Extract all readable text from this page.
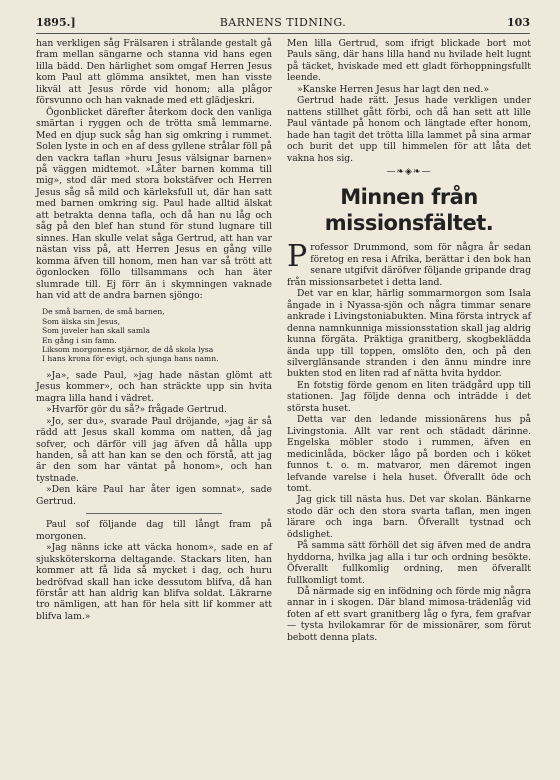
1895.]	BARNENS TIDNING.	103

han verkligen såg Frälsaren i strålande gestalt gå fram mellan sängarne och stanna vid hans egen lilla bädd. Den härlighet som omgaf Herren Jesus kom Paul att glömma ansiktet, men han visste likväl att Jesus rörde vid honom; alla plågor försvunno och han vaknade med ett glädjeskri.

Ögonblicket därefter återkom dock den vanliga smärtan i ryggen och de trötta små lemmarne. Med en djup suck såg han sig omkring i rummet. Solen lyste in och en af dess gyllene strålar föll på den vackra taflan »huru Jesus välsignar barnen» på väggen midtemot. »Låter barnen komma till mig», stod där med stora bokstäfver och Herren Jesus såg så mild och kärleksfull ut, där han satt med barnen omkring sig. Paul hade alltid älskat att betrakta denna tafla, och då han nu låg och såg på den blef han stund för stund lugnare till sinnes. Han skulle velat såga Gertrud, att han var nästan viss på, att Herren Jesus en gång ville komma äfven till honom, men han var så trött att ögonlocken föllo tillsammans och han äter slumrade till. Ej förr än i skymningen vaknade han vid att de andra barnen sjöngo:

De små barnen, de små barnen,
Som älska sin Jesus,
Som juveler han skall samla
En gång i sin famn.
Liksom morgonens stjärnor, de då skola lysa
I hans krona för evigt, och sjunga hans namn.

»Ja», sade Paul, »jag hade nästan glömt att Jesus kommer», och han sträckte upp sin hvita magra lilla hand i vädret.

»Hvarför gör du så?» frågade Gertrud.

»Jo, ser du», svarade Paul dröjande, »jag är så rädd att Jesus skall komma om natten, då jag sofver, och därför vill jag äfven då hålla upp handen, så att han kan se den och förstå, att jag är den som har väntat på honom», och han tystnade.

»Den käre Paul har åter igen somnat», sade Gertrud.

Paul sof följande dag till långt fram på morgonen.

»Jag nänns icke att väcka honom», sade en af sjuksköterskorna deltagande. Stackars liten, han kommer att få lida så mycket i dag, och huru bedröfvad skall han icke dessutom blifva, då han förstår att han aldrig kan blifva soldat. Läkrarne tro nämligen, att han för hela sitt lif kommer att blifva lam.»

Men lilla Gertrud, som ifrigt blickade bort mot Pauls säng, där hans lilla hand nu hvilade helt lugnt på täcket, hviskade med ett gladt förhoppningsfullt leende.

»Kanske Herren Jesus har lagt den ned.»

Gertrud hade rätt. Jesus hade verkligen under nattens stillhet gått förbi, och då han sett att lille Paul väntade på honom och längtade efter honom, hade han tagit det trötta lilla lammet på sina armar och burit det upp till himmelen för att låta det vakna hos sig.

—❧◈❧—
Minnen från missionsfältet.

Professor Drummond, som för några år sedan företog en resa i Afrika, berättar i den bok han senare utgifvit däröfver följande gripande drag från missionsarbetet i detta land.

Det var en klar, härlig sommarmorgon som Isala ångade in i Nyassa-sjön och några timmar senare ankrade i Livingstoniabukten. Mina första intryck af denna namnkunniga missionsstation skall jag aldrig kunna förgäta. Präktiga granitberg, skogbeklädda ända upp till toppen, omslöto den, och på den silverglänsande stranden i den ännu mindre inre bukten stod en liten rad af nätta hvita hyddor.

En fotstig förde genom en liten trädgård upp till stationen. Jag följde denna och inträdde i det största huset.

Detta var den ledande missionärens hus på Livingstonia. Allt var rent och städadt därinne. Engelska möbler stodo i rummen, äfven en medicinlåda, böcker lågo på borden och i köket funnos t. o. m. matvaror, men däremot ingen lefvande varelse i hela huset. Öfverallt öde och tomt.

Jag gick till nästa hus. Det var skolan. Bänkarne stodo där och den stora svarta taflan, men ingen lärare och inga barn. Öfverallt tystnad och ödslighet.

På samma sätt förhöll det sig äfven med de andra hyddorna, hvilka jag alla i tur och ordning besökte. Öfverallt fullkomlig ordning, men öfverallt fullkomligt tomt.

Då närmade sig en infödning och förde mig några annar in i skogen. Där bland mimosa-trädenlåg vid foten af ett svart granitberg låg o fyra, fem grafvar — tysta hvilokamrar för de missionärer, som förut bebott denna plats.
